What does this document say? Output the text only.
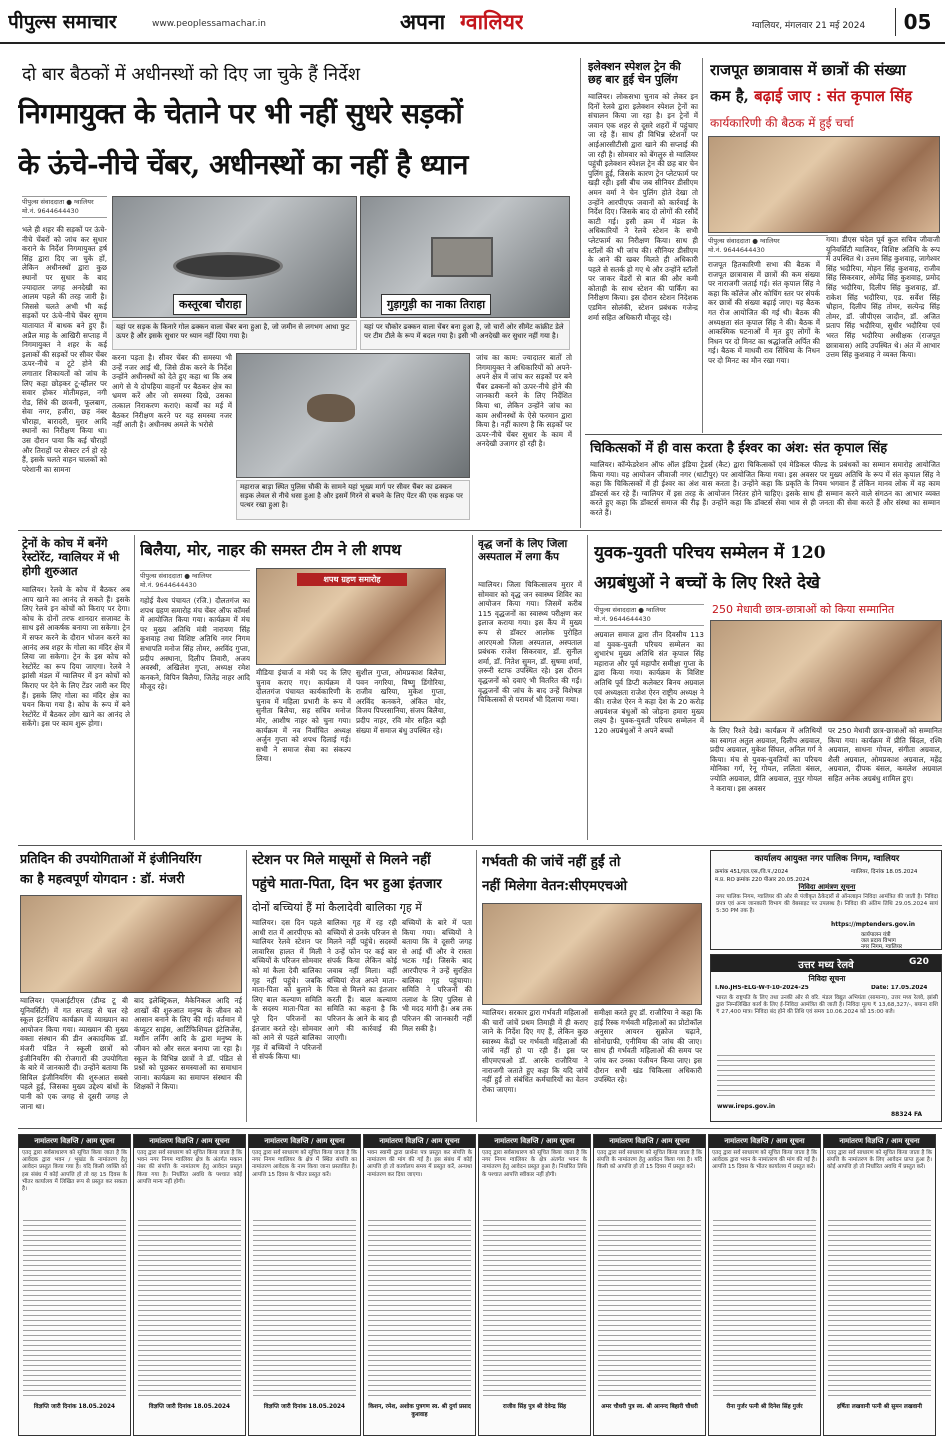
पीपुल्स समाचार	www.peoplessamachar.in	अपना ग्वालियर	ग्वालियर, मंगलवार 21 मई 2024	05
दो बार बैठकों में अधीनस्थों को दिए जा चुके हैं निर्देश
निगमायुक्त के चेताने पर भी नहीं सुधरे सड़कों
के ऊंचे-नीचे चेंबर, अधीनस्थों का नहीं है ध्यान
पीपुल्स संवाददाता ● ग्वालियर
मो.नं. 9644644430
भले ही शहर की सड़कों पर ऊंचे-नीचे चेंबरों को जांच कर सुधार कराने के निर्देश निगमायुक्त हर्ष सिंह द्वारा दिए जा चुके हों, लेकिन अधीनस्थों द्वारा कुछ स्थानों पर सुधार के बाद ज्यादातर जगह अनदेखी का आलम पहले की तरह जारी है। जिससे चलते अभी भी कई सड़कों पर ऊंचे-नीचे चेंबर सुगम यातायात में बाधक बने हुए हैं। अप्रैल माह के आखिरी सप्ताह में निगमायुक्त ने शहर के कई इलाकों की सड़कों पर सीवर चेंबर ऊपर-नीचे व टूटे होने की लगातार शिकायतों को जांच के लिए कहा छोड़कर टू-व्हीलर पर सवार होकर मोतीमहल, नगी रोड, सिंधे की छावनी, फूलबाग, सेवा नगर, हजीरा, छह नंबर चौराहा, बारादरी, मुरार आदि स्थानों का निरीक्षण किया था। उस दौरान पाया कि कई चौराहों और तिराहों पर सेक्टर टर्न हो रहे हैं, इसके चलते वाहन चालकों को परेशानी का सामना
कस्तूरबा चौराहा	गुड़ागुड़ी का नाका तिराहा
यहां पर सड़क के किनारे गोल ढक्कन वाला चेंबर बना हुआ है, जो जमीन से लगभग आधा फुट ऊपर है और इसके सुधार पर ध्यान नहीं दिया गया है।
यहां पर चौकोर ढक्कन वाला चेंबर बना हुआ है, जो चारों ओर सीमेंट कांक्रीट डेले पर टीम टीले के रूप में बदल गया है। इसी भी अनदेखी कर सुधार नहीं गया है।
करना पड़ता है। सीवर चेंबर की समस्या भी उन्हें नजर आई थी, जिसे ठीक करने के निर्देश उन्होंने अधीनस्थों को देते हुए कहा था कि अब आगे से ये दोपहिया वाहनों पर बैठकर क्षेत्र का भ्रमण करें और जो समस्या दिखे, उसका तत्काल निराकरण कराएं। कार्यों का मई में बैठकर निरीक्षण करने पर यह समस्या नजर नहीं आती है। अधीनस्थ अमले के भरोसे
महाराज बाड़ा स्थित पुलिस चौकी के सामने यहां भूख्य मार्ग पर सीवर चैंबर का ढक्कन सड़क लेवल से नीचे धसा हुआ है और इसमें गिरने से बचने के लिए पेंटर की एक सड़क पर पत्थर रखा हुआ है।
जांच का काम: ज्यादातर बातों तो निगमायुक्त ने अधिकारियों को अपने-अपने क्षेत्र में जांच कर सड़कों पर बने चैंबर ढक्कनों को ऊपर-नीचे होने की जानकारी करने के लिए निर्देशित किया था, लेकिन उन्होंने जांच का काम अधीनस्थों के ऐसे फरमान द्वारा किया है। नहीं कारण है कि सड़कों पर ऊपर-नीचे चेंबर सुधार के काम में अनदेखी उजागर हो रही है।
इलेक्शन स्पेशल ट्रेन की छह बार हुई चेन पुलिंग
ग्वालियर। लोकसभा चुनाव को लेकर इन दिनों रेलवे द्वारा इलेक्शन स्पेशल ट्रेनों का संचालन किया जा रहा है। इन ट्रेनों में जवान एक शहर से दूसरे शहरों में पहुंचाए जा रहे हैं। साथ ही विभिन्न स्टेशनों पर आईआरसीटीसी द्वारा खाने की सप्लाई की जा रही है। सोमवार को बेंगलुरु से ग्वालियर पहुंची इलेक्शन स्पेशल ट्रेन की छह बार चेन पुलिंग हुई, जिसके कारण ट्रेन प्लेटफार्म पर खड़ी रही। इसी बीच जब सीनियर डीसीएम अमन वर्मा ने चेन पुलिंग होते देखा तो उन्होंने आरपीएफ जवानों को कार्रवाई के निर्देश दिए। जिसके बाद दो लोगों की रसीदें काटी गई। इसी क्रम में मंडल के अधिकारियों ने रेलवे स्टेशन के सभी प्लेटफार्म का निरीक्षण किया। साथ ही स्टॉलों की भी जांच की। सीनियर डीसीएम के आने की खबर मिलते ही अधिकारी पहले से सतर्क हो गए थे और उन्होंने स्टॉलों पर जाकर वेंडरों से बात की और कमी कोताही के साथ स्टेशन की पार्किंग का निरीक्षण किया। इस दौरान स्टेशन निदेशक एडमिन सोलंकी, स्टेशन प्रबंधक गजेन्द्र शर्मा सहित अधिकारी मौजूद रहे।
राजपूत छात्रावास में छात्रों की संख्या
कम है, बढ़ाई जाए : संत कृपाल सिंह
कार्यकारिणी की बैठक में हुई चर्चा
पीपुल्स संवाददाता ● ग्वालियर
मो.नं. 9644644430
राजपूत हितकारिणी सभा की बैठक में राजपूत छात्रावास में छात्रों की कम संख्या पर नाराजगी जताई गई। संत कृपाल सिंह ने कहा कि कॉलेज और कोचिंग स्तर पर संपर्क कर छात्रों की संख्या बढ़ाई जाए। यह बैठक गत रोज आयोजित की गई थी। बैठक की अध्यक्षता संत कृपाल सिंह ने की। बैठक में आकस्मिक घटनाओं में मृत हुए लोगों के निधन पर दो मिनट का श्रद्धांजलि अर्पित की गई। बैठक में माधवी राव सिंधिया के निधन पर दो मिनट का मौन रखा गया।
गया। डीएस चंदेल पूर्व कुल सचिव जीवाजी यूनिवर्सिटी ग्वालियर, विशिष्ट अतिथि के रूप में उपस्थित थे। उत्तम सिंह कुशवाह, जागेश्वर सिंह भदौरिया, मोहन सिंह कुशवाह, राजीव सिंह सिकरवार, ओमेंद्र सिंह कुशवाह, प्रमोद सिंह भदौरिया, दिलीप सिंह कुशवाह, डॉ. राकेश सिंह भदौरिया, एड. सर्वेश सिंह चौहान, दिलीप सिंह तोमर, सत्येन्द्र सिंह तोमर, डॉ. जीपीएस जादौन, डॉ. अजित प्रताप सिंह भदौरिया, सुधीर भदौरिया एवं भरत सिंह भदौरिया अधीक्षक (राजपूत छात्रावास) आदि उपस्थित थे। अंत में आभार उत्तम सिंह कुशवाह ने व्यक्त किया।
चिकित्सकों में ही वास करता है ईश्वर का अंश: संत कृपाल सिंह
ग्वालियर। कॉन्फेडरेशन ऑफ ऑल इंडिया ट्रेडर्स (कैट) द्वारा चिकित्सकों एवं मेडिकल फील्ड के प्रबंधकों का सम्मान समारोह आयोजित किया गया। यह आयोजन जीवाजी नगर (थाटीपुर) पर आयोजित किया गया। इस अवसर पर मुख्य अतिथि के रूप में संत कृपाल सिंह ने कहा कि चिकित्सकों में ही ईश्वर का अंश वास करता है। उन्होंने कहा कि प्रकृति के नियम भगवान हैं लेकिन मानव लोक में वह काम डॉक्टर्स कर रहे हैं। ग्वालियर में इस तरह के आयोजन निरंतर होने चाहिए। इसके साथ ही सम्मान करने वाले संगठन का आभार व्यक्त करते हुए कहा कि डॉक्टर्स समाज की रीढ़ हैं। उन्होंने कहा कि डॉक्टर्स सेवा भाव से ही जनता की सेवा करते हैं और संस्था का सम्मान करते हैं।
ट्रेनों के कोच में बनेंगे रेस्टोरेंट, ग्वालियर में भी होगी शुरुआत
ग्वालियर। रेलवे के कोच में बैठकर अब आप खाने का आनंद ले सकते हैं। इसके लिए रेलवे इन कोचों को किराए पर देगा। कोच के दोनों तरफ शानदार सजावट के साथ इसे आकर्षक बनाया जा सकेगा। ट्रेन में सफर करने के दौरान भोजन करने का आनंद अब शहर के गोला का मंदिर क्षेत्र में लिया जा सकेगा। ट्रेन के इस कोच को रेस्टोरेंट का रूप दिया जाएगा। रेलवे ने झांसी मंडल में ग्वालियर में इन कोचों को किराए पर देने के लिए टेंडर जारी कर दिए हैं। इसके लिए गोला का मंदिर क्षेत्र का चयन किया गया है। कोच के रूप में बने रेस्टोरेंट में बैठकर लोग खाने का आनंद ले सकेंगे। इस पर काम शुरू होगा।
बिलैया, मोर, नाहर की समस्त टीम ने ली शपथ
पीपुल्स संवाददाता ● ग्वालियर
मो.नं. 9644644430
गहोई वैश्य पंचायत (रजि.) दौलतगंज का शपथ ग्रहण समारोह मंच चेंबर ऑफ कॉमर्स में आयोजित किया गया। कार्यक्रम में मंच पर मुख्य अतिथि मंत्री नारायण सिंह कुशवाह तथा विशिष्ट अतिथि नगर निगम सभापति मनोज सिंह तोमर, अरविंद गुप्ता, प्रदीप अस्थाना, दिलीप तिवारी, अजय अवस्थी, अखिलेश गुप्ता, अध्यक्ष रमेश कनकने, विपिन बिलैया, जितेंद्र नाहर आदि मौजूद रहे।
शपथ ग्रहण समारोह
मीडिया इंचार्ज व मंत्री पद के लिए चुनाव कराए गए। कार्यक्रम में दौलतगंज पंचायत कार्यकारिणी के चुनाव में महिला प्रभारी के रूप में सुनीता बिलैया, सह सचिव मनोज मोर, आशीष नाहर को चुना गया। कार्यक्रम में नव निर्वाचित अध्यक्ष अर्जुन गुप्ता को शपथ दिलाई गई। सभी ने समाज सेवा का संकल्प लिया।
सुशील गुप्ता, ओमप्रकाश बिलैया, पवन नगरिया, विष्णु डिंगोरिया, राजीव खरिया, मुकेश गुप्ता, अरविंद कनकने, अंकित मोर, विजय पिपरसानिया, संजय बिलैया, प्रदीप नाहर, रवि मोर सहित बड़ी संख्या में समाज बंधु उपस्थित रहे।
वृद्ध जनों के लिए जिला अस्पताल में लगा कैंप
ग्वालियर। जिला चिकित्सालय मुरार में सोमवार को वृद्ध जन स्वास्थ्य शिविर का आयोजन किया गया। जिसमें करीब 115 वृद्धजनों का स्वास्थ्य परीक्षण कर इलाज कराया गया। इस कैंप में मुख्य रूप से डॉक्टर आलोक पुरोहित आरएमओ जिला अस्पताल, अस्पताल प्रबंधक राजेश सिकरवार, डॉ. सुनील शर्मा, डॉ. नितेश सुमन, डॉ. सुषमा शर्मा, ज़रूरी स्टाफ उपस्थित रहे। इस दौरान वृद्धजनों को दवाएं भी वितरित की गईं। वृद्धजनों की जांच के बाद उन्हें विशेषज्ञ चिकित्सकों से परामर्श भी दिलाया गया।
युवक-युवती परिचय सम्मेलन में 120
अग्रबंधुओं ने बच्चों के लिए रिश्ते देखे
250 मेधावी छात्र-छात्राओं को किया सम्मानित
पीपुल्स संवाददाता ● ग्वालियर
मो.नं. 9644644430
अग्रवाल समाज द्वारा तीन दिवसीय 113 वां युवक-युवती परिचय सम्मेलन का शुभारंभ मुख्य अतिथि संत कृपाल सिंह महाराज और पूर्व महापौर समीक्षा गुप्ता के द्वारा किया गया। कार्यक्रम के विशिष्ट अतिथि पूर्व डिप्टी कलेक्टर बिनय अग्रवाल एवं अध्यक्षता राजेश ऐरन राष्ट्रीय अध्यक्ष ने की। राजेश ऐरन ने कहा देश के 20 करोड़ अग्रवंशज बंधुओं को जोड़ना हमारा मुख्य लक्ष्य है। युवक-युवती परिचय सम्मेलन में 120 अग्रबंधुओं ने अपने बच्चों	के लिए रिश्ते देखे। कार्यक्रम में अतिथियों का स्वागत अतुल अग्रवाल, दिलीप अग्रवाल, प्रदीप अग्रवाल, मुकेश सिंघल, अनिल गर्ग ने किया। मंच से युवक-युवतियों का परिचय मोनिका गर्ग, रेनू गोयल, ललिता बंसल, ज्योति अग्रवाल, प्रीति अग्रवाल, नुपुर गोयल ने कराया। इस अवसर
पर 250 मेधावी छात्र-छात्राओं को सम्मानित किया गया। कार्यक्रम में प्रीति बिंदल, रश्मि अग्रवाल, साधना गोयल, संगीता अग्रवाल, शैली अग्रवाल, ओमप्रकाश अग्रवाल, महेंद्र अग्रवाल, दीपक बंसल, कमलेश अग्रवाल सहित अनेक अग्रबंधु शामिल हुए।
प्रतिदिन की उपयोगिताओं में इंजीनियरिंग
का है महत्वपूर्ण योगदान : डॉ. मंजरी
ग्वालियर। एमआईटीएस (डीम्ड टू बी यूनिवर्सिटी) में गत सप्ताह से चल रहे स्कूल इंटर्नशिप कार्यक्रम में व्याख्यान का आयोजन किया गया। व्याख्यान की मुख्य वक्ता संस्थान की डीन अकादमिक डॉ. मंजरी पंडित ने स्कूली छात्रों को इंजीनियरिंग की रोजगारों की उपयोगिता के बारे में जानकारी दी। उन्होंने बताया कि सिविल इंजीनियरिंग की शुरुआत सबसे पहले हुई, जिसका मुख्य उद्देश्य बांधों के पानी को एक जगह से दूसरी जगह ले जाना था।
बाद इलेक्ट्रिकल, मैकेनिकल आदि नई शाखों की शुरुआत मनुष्य के जीवन को आसान बनाने के लिए की गई। वर्तमान में कंप्यूटर साइंस, आर्टिफिशियल इंटेलिजेंस, मशीन लर्निंग आदि के द्वारा मनुष्य के जीवन को और सरल बनाया जा रहा है। स्कूल के विभिन्न छात्रों ने डॉ. पंडित से प्रश्नों को पूछकर समस्याओं का समाधान जाना। कार्यक्रम का समापन संस्थान की शिक्षकों ने किया।
स्टेशन पर मिले मासूमों से मिलने नहीं
पहुंचे माता-पिता, दिन भर हुआ इंतजार
दोनों बच्चियां हैं मां कैलादेवी बालिका गृह में
ग्वालियर। दस दिन पहले आधी रात में आरपीएफ को ग्वालियर रेलवे स्टेशन पर लावारिस हालत में मिली बच्चियों के परिजन सोमवार को मां कैला देवी बालिका गृह नहीं पहुंचे। जबकि माता-पिता को बुलाने के लिए बाल कल्याण समिति के सदस्य माता-पिता का पूरे दिन परिजनों का इंतजार करते रहे। सोमवार को आने से पहले बालिका गृह में बच्चियों ने परिजनों से संपर्क किया था।
बालिका गृह में रह रही बच्चियों से उनके परिजन से मिलने नहीं पहुंचे। सदस्यों ने उन्हें फोन पर कई बार संपर्क किया लेकिन कोई जवाब नहीं मिला। वहीं बच्चियां रोज अपने माता-पिता से मिलने का इंतजार करती हैं। बाल कल्याण समिति का कहना है कि परिजन के आने के बाद ही आगे की कार्रवाई की जाएगी।
बच्चियों के बारे में पता किया गया। बच्चियों ने बताया कि वे दूसरी जगह से आई थीं और वे रास्ता भटक गईं। जिसके बाद आरपीएफ ने उन्हें सुरक्षित बालिका गृह पहुंचाया। समिति ने परिजनों की तलाश के लिए पुलिस से भी मदद मांगी है। अब तक परिजन की जानकारी नहीं मिल सकी है।
गर्भवती की जांचें नहीं हुईं तो
नहीं मिलेगा वेतन:सीएमएचओ
ग्वालियर। सरकार द्वारा गर्भवती महिलाओं की चारों जांचें प्रथम तिमाही में ही कराए जाने के निर्देश दिए गए हैं, लेकिन कुछ स्वास्थ्य केंद्रों पर गर्भवती महिलाओं की जांचें नहीं हो पा रही हैं। इस पर सीएमएचओ डॉ. आरके राजौरिया ने नाराजगी जताते हुए कहा कि यदि जांचें नहीं हुईं तो संबंधित कर्मचारियों का वेतन रोका जाएगा।
समीक्षा करते हुए डॉ. राजौरिया ने कहा कि हाई रिस्क गर्भवती महिलाओं का प्रोटोकॉल अनुसार आयरन सुक्रोज चढ़ाने, सोनोग्राफी, एनीमिया की जांच की जाए। साथ ही गर्भवती महिलाओं की समय पर जांच कर उनका पंजीयन किया जाए। इस दौरान सभी खंड चिकित्सा अधिकारी उपस्थित रहे।
कार्यालय आयुक्त नगर पालिक निगम, ग्वालियर
क्रमांक 451/एल.एस./वि.प./2024	ग्वालियर, दिनांक 18.05.2024
म.प्र. RO क्रमांक 220 पीआर 20.05.2024
निविदा आमंत्रण सूचना
नगर पालिक निगम, ग्वालियर की ओर से पंजीकृत ठेकेदारों से ऑनलाइन निविदा आमंत्रित की जाती है। निविदा प्रपत्र एवं अन्य जानकारी विभाग की वेबसाइट पर उपलब्ध है। निविदा की अंतिम तिथि 29.05.2024 सायं 5:30 PM तक है।
https://mptenders.gov.in
कार्यपालन यंत्री
जल प्रदाय विभाग
नगर निगम, ग्वालियर
उत्तर मध्य रेलवे	G20
निविदा सूचना
I.No.JHS-ELG-W-T-10-2024-25	Date: 17.05.2024
भारत के राष्ट्रपति के लिए तथा उनकी ओर से वरि. मंडल विद्युत अभियंता (सामान्य), उत्तर मध्य रेलवे, झांसी द्वारा निम्नलिखित कार्य के लिए ई-निविदा आमंत्रित की जाती है। निविदा मूल्य ₹ 13,68,327/-, बयाना राशि ₹ 27,400 मात्र। निविदा बंद होने की तिथि एवं समय 10.06.2024 को 15:00 बजे।
www.ireps.gov.in
88324 FA
नामांतरण विज्ञप्ति / आम सूचना
एतद् द्वारा सर्वसाधारण को सूचित किया जाता है कि आवेदक द्वारा भवन / भूखंड के नामांतरण हेतु आवेदन प्रस्तुत किया गया है। यदि किसी व्यक्ति को इस संबंध में कोई आपत्ति हो तो वह 15 दिवस के भीतर कार्यालय में लिखित रूप से प्रस्तुत कर सकता है।
विज्ञप्ति जारी दिनांक 18.05.2024
नामांतरण विज्ञप्ति / आम सूचना
एतद् द्वारा सर्व साधारण को सूचित किया जाता है कि भवन नगर निगम ग्वालियर क्षेत्र के अंतर्गत मकान नंबर की संपत्ति के नामांतरण हेतु आवेदन प्रस्तुत किया गया है। निर्धारित अवधि के पश्चात कोई आपत्ति मान्य नहीं होगी।
विज्ञप्ति जारी दिनांक 18.05.2024
नामांतरण विज्ञप्ति / आम सूचना
एतद् द्वारा सर्व साधारण को सूचित किया जाता है कि नगर निगम ग्वालियर के क्षेत्र में स्थित संपत्ति का नामांतरण आवेदक के नाम किया जाना प्रस्तावित है। आपत्ति 15 दिवस के भीतर प्रस्तुत करें।
विज्ञप्ति जारी दिनांक 18.05.2024
नामांतरण विज्ञप्ति / आम सूचना
भवन स्वामी द्वारा प्रार्थना पत्र प्रस्तुत कर संपत्ति के नामांतरण की मांग की गई है। इस संबंध में कोई आपत्ति हो तो कार्यालय समय में प्रस्तुत करें, अन्यथा नामांतरण कर दिया जाएगा।
किशन, रमेश, अशोक पुत्रगण स्व. श्री दुर्गा प्रसाद कुशवाह
नामांतरण विज्ञप्ति / आम सूचना
एतद् द्वारा सर्वसाधारण को सूचित किया जाता है कि नगर निगम ग्वालियर के क्षेत्र अंतर्गत भवन के नामांतरण हेतु आवेदन प्रस्तुत हुआ है। निर्धारित तिथि के पश्चात आपत्ति स्वीकार नहीं होगी।
राजीव सिंह पुत्र श्री देवेन्द्र सिंह
नामांतरण विज्ञप्ति / आम सूचना
एतद् द्वारा सर्व साधारण को सूचित किया जाता है कि संपत्ति के नामांतरण हेतु आवेदन किया गया है। यदि किसी को आपत्ति हो तो 15 दिवस में प्रस्तुत करें।
अमर चौधरी पुत्र स्व. श्री आनन्द बिहारी चौधरी
नामांतरण विज्ञप्ति / आम सूचना
एतद् द्वारा सर्व साधारण को सूचित किया जाता है कि आवेदक द्वारा भवन के नामांतरण की मांग की गई है। आपत्ति 15 दिवस के भीतर कार्यालय में प्रस्तुत करें।
रीना गुर्जर पत्नी श्री दिनेश सिंह गुर्जर
नामांतरण विज्ञप्ति / आम सूचना
एतद् द्वारा सर्व साधारण को सूचित किया जाता है कि संपत्ति के नामांतरण के लिए आवेदन प्राप्त हुआ है। कोई आपत्ति हो तो निर्धारित अवधि में प्रस्तुत करें।
हर्षिता लखवानी पत्नी श्री सुमन लखवानी
